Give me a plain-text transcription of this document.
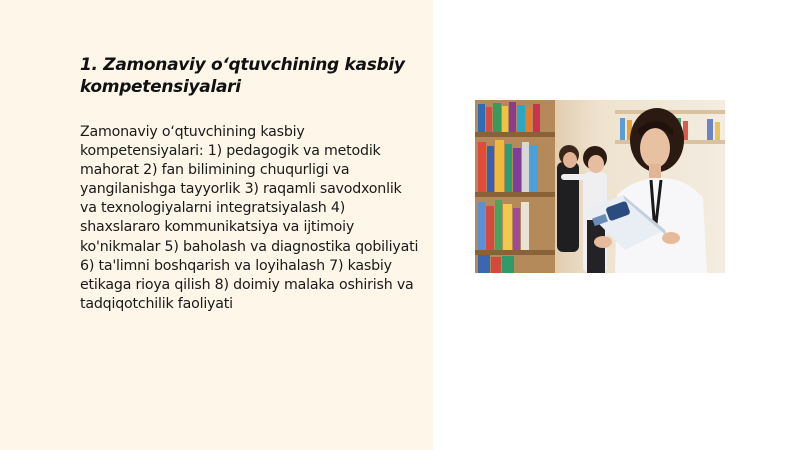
1. Zamonaviy o‘qtuvchining kasbiy kompetensiyalari

Zamonaviy o‘qtuvchining kasbiy kompetensiyalari: 1) pedagogik va metodik mahorat 2) fan bilimining chuqurligi va yangilanishga tayyorlik 3) raqamli savodxonlik va texnologiyalarni integratsiyalash 4) shaxslararo kommunikatsiya va ijtimoiy ko'nikmalar 5) baholash va diagnostika qobiliyati 6) ta'limni boshqarish va loyihalash 7) kasbiy etikaga rioya qilish 8) doimiy malaka oshirish va tadqiqotchilik faoliyati
